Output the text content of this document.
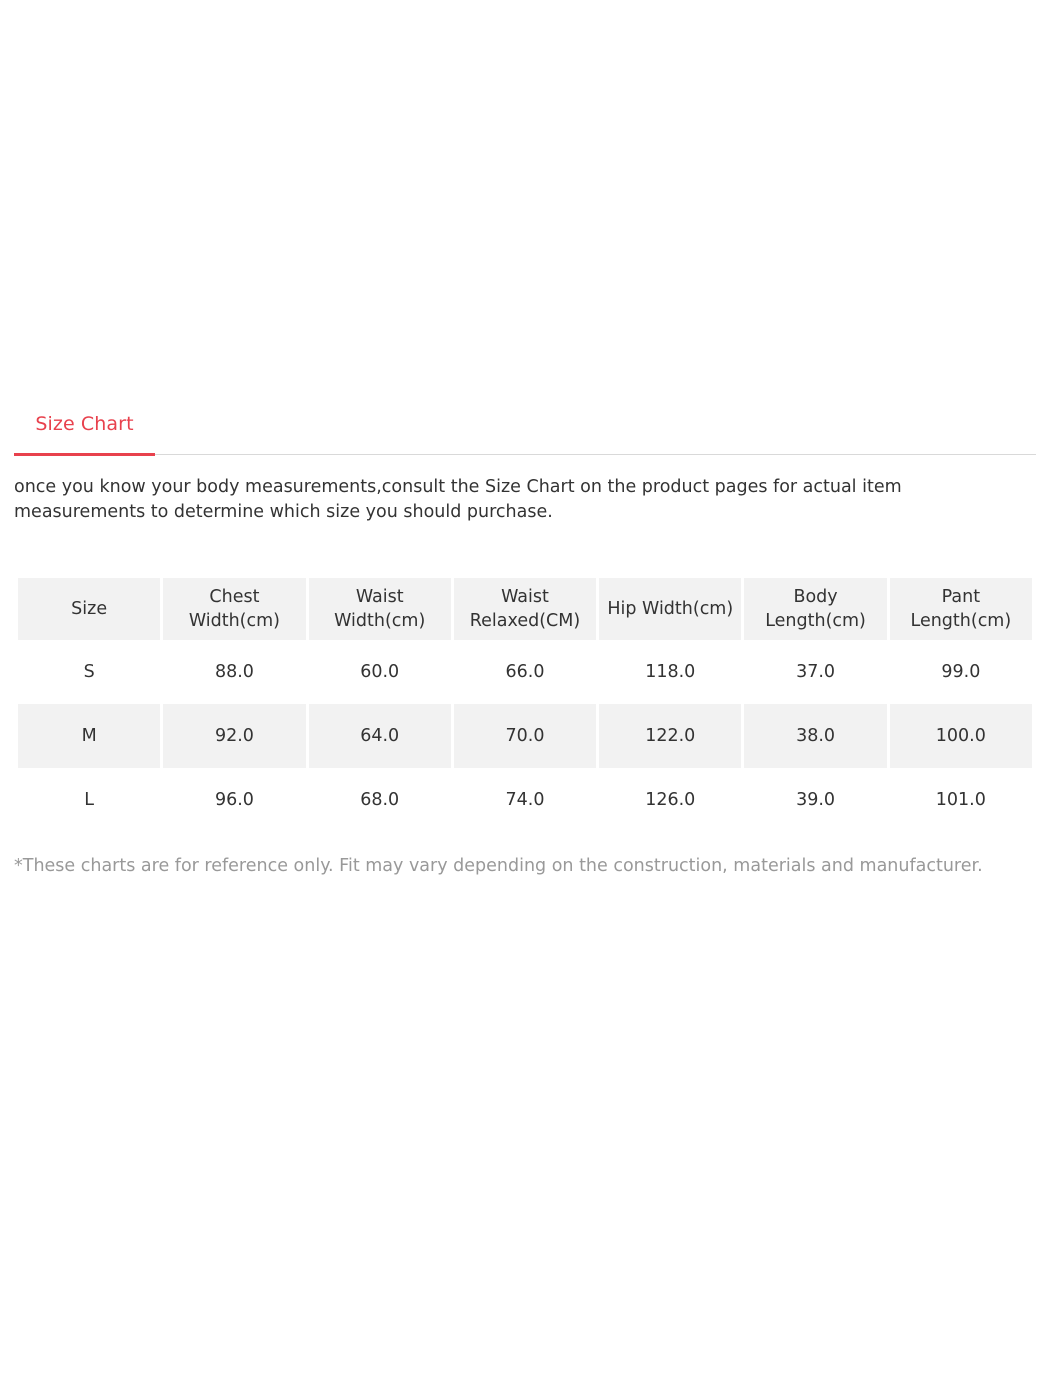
Size Chart
once you know your body measurements,consult the Size Chart on the product pages for actual item measurements to determine which size you should purchase.
Size	Chest Width(cm)	Waist Width(cm)	Waist Relaxed(CM)	Hip Width(cm)	Body Length(cm)	Pant Length(cm)
S	88.0	60.0	66.0	118.0	37.0	99.0
M	92.0	64.0	70.0	122.0	38.0	100.0
L	96.0	68.0	74.0	126.0	39.0	101.0
*These charts are for reference only. Fit may vary depending on the construction, materials and manufacturer.
